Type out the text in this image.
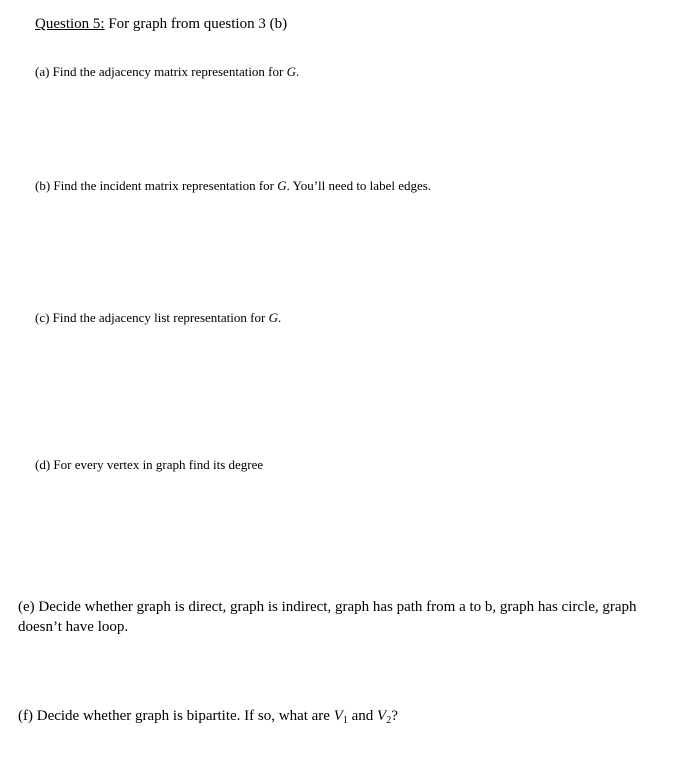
Question 5: For graph from question 3 (b)
(a) Find the adjacency matrix representation for G.
(b) Find the incident matrix representation for G. You’ll need to label edges.
(c) Find the adjacency list representation for G.
(d) For every vertex in graph find its degree
(e) Decide whether graph is direct, graph is indirect, graph has path from a to b, graph has circle, graph doesn’t have loop.
(f) Decide whether graph is bipartite. If so, what are $V_1$ and $V_2$?
